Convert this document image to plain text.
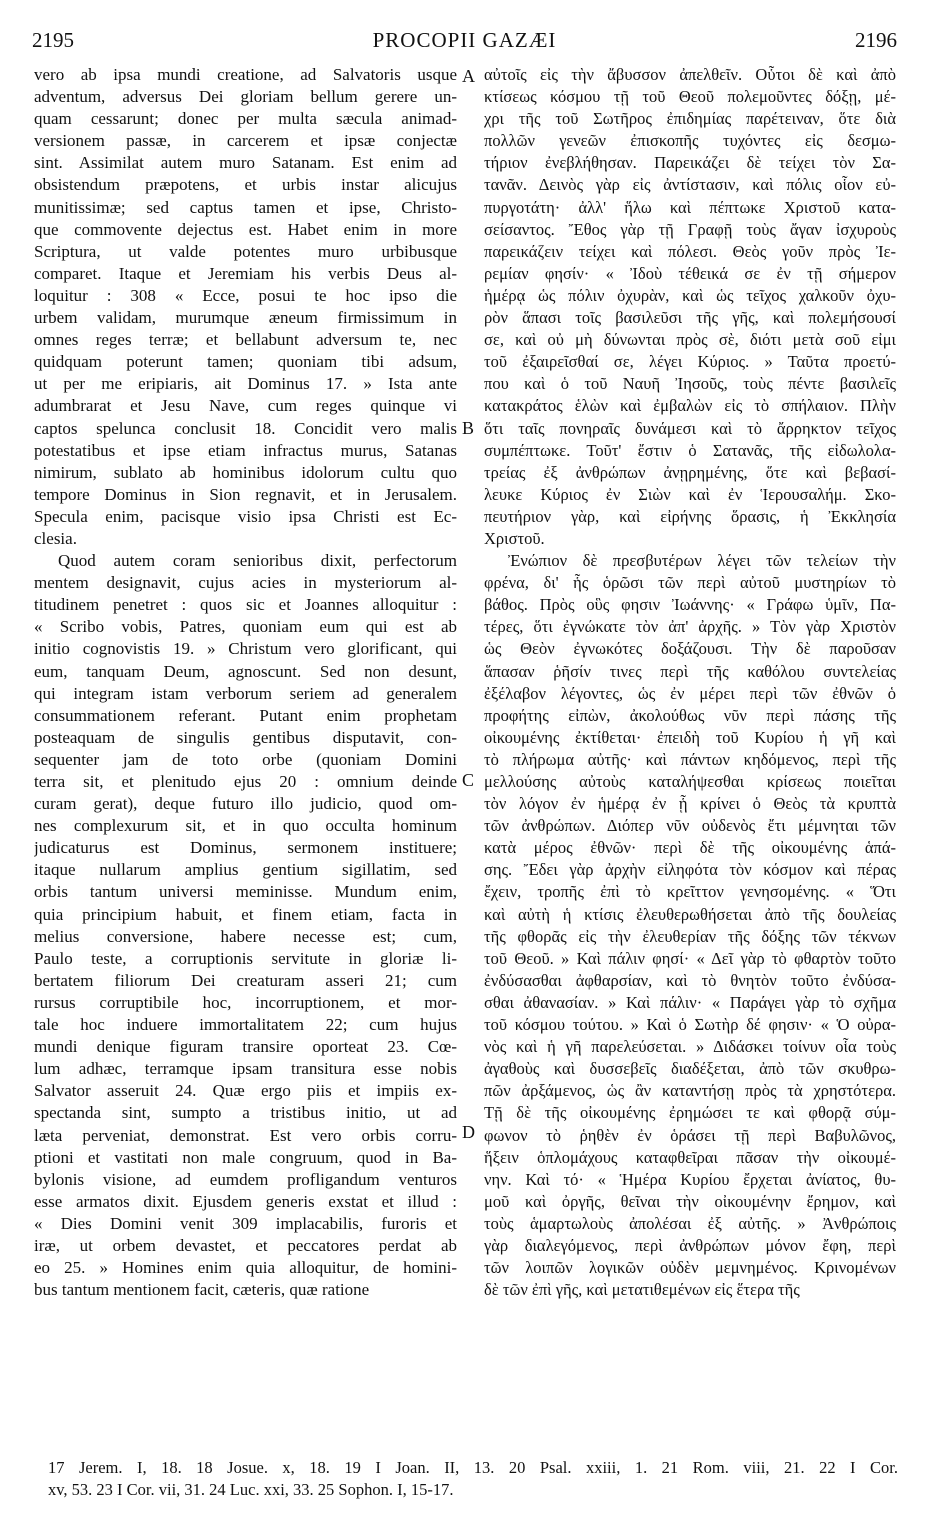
2195	PROCOPII GAZÆI	2196
vero ab ipsa mundi creatione, ad Salvatoris usque
adventum, adversus Dei gloriam bellum gerere un-
quam cessarunt; donec per multa sæcula animad-
versionem passæ, in carcerem et ipsæ conjectæ
sint. Assimilat autem muro Satanam. Est enim ad
obsistendum præpotens, et urbis instar alicujus
munitissimæ; sed captus tamen et ipse, Christo-
que commovente dejectus est. Habet enim in more
Scriptura, ut valde potentes muro urbibusque
comparet. Itaque et Jeremiam his verbis Deus al-
loquitur : 308 « Ecce, posui te hoc ipso die
urbem validam, murumque æneum firmissimum in
omnes reges terræ; et bellabunt adversum te, nec
quidquam poterunt tamen; quoniam tibi adsum,
ut per me eripiaris, ait Dominus 17. » Ista ante
adumbrarat et Jesu Nave, cum reges quinque vi
captos spelunca conclusit 18. Concidit vero malis
potestatibus et ipse etiam infractus murus, Satanas
nimirum, sublato ab hominibus idolorum cultu quo
tempore Dominus in Sion regnavit, et in Jerusalem.
Specula enim, pacisque visio ipsa Christi est Ec-
clesia.
Quod autem coram senioribus dixit, perfectorum
mentem designavit, cujus acies in mysteriorum al-
titudinem penetret : quos sic et Joannes alloquitur :
« Scribo vobis, Patres, quoniam eum qui est ab
initio cognovistis 19. » Christum vero glorificant, qui
eum, tanquam Deum, agnoscunt. Sed non desunt,
qui integram istam verborum seriem ad generalem
consummationem referant. Putant enim prophetam
posteaquam de singulis gentibus disputavit, con-
sequenter jam de toto orbe (quoniam Domini
terra sit, et plenitudo ejus 20 : omnium deinde
curam gerat), deque futuro illo judicio, quod om-
nes complexurum sit, et in quo occulta hominum
judicaturus est Dominus, sermonem instituere;
itaque nullarum amplius gentium sigillatim, sed
orbis tantum universi meminisse. Mundum enim,
quia principium habuit, et finem etiam, facta in
melius conversione, habere necesse est; cum,
Paulo teste, a corruptionis servitute in gloriæ li-
bertatem filiorum Dei creaturam asseri 21; cum
rursus corruptibile hoc, incorruptionem, et mor-
tale hoc induere immortalitatem 22; cum hujus
mundi denique figuram transire oporteat 23. Cœ-
lum adhæc, terramque ipsam transitura esse nobis
Salvator asseruit 24. Quæ ergo piis et impiis ex-
spectanda sint, sumpto a tristibus initio, ut ad
læta perveniat, demonstrat. Est vero orbis corru-
ptioni et vastitati non male congruum, quod in Ba-
bylonis visione, ad eumdem profligandum venturos
esse armatos dixit. Ejusdem generis exstat et illud :
« Dies Domini venit 309 implacabilis, furoris et
iræ, ut orbem devastet, et peccatores perdat ab
eo 25. » Homines enim quia alloquitur, de homini-
bus tantum mentionem facit, cæteris, quæ ratione
αὐτοῖς εἰς τὴν ἄβυσσον ἀπελθεῖν. Οὗτοι δὲ καὶ ἀπὸ
κτίσεως κόσμου τῇ τοῦ Θεοῦ πολεμοῦντες δόξῃ, μέ-
χρι τῆς τοῦ Σωτῆρος ἐπιδημίας παρέτειναν, ὅτε διὰ
πολλῶν γενεῶν ἐπισκοπῆς τυχόντες εἰς δεσμω-
τήριον ἐνεβλήθησαν. Παρεικάζει δὲ τείχει τὸν Σα-
τανᾶν. Δεινὸς γὰρ εἰς ἀντίστασιν, καὶ πόλις οἷον εὐ-
πυργοτάτη· ἀλλ' ἥλω καὶ πέπτωκε Χριστοῦ κατα-
σείσαντος. Ἔθος γὰρ τῇ Γραφῇ τοὺς ἄγαν ἰσχυροὺς
παρεικάζειν τείχει καὶ πόλεσι. Θεὸς γοῦν πρὸς Ἰε-
ρεμίαν φησίν· « Ἰδοὺ τέθεικά σε ἐν τῇ σήμερον
ἡμέρᾳ ὡς πόλιν ὀχυρὰν, καὶ ὡς τεῖχος χαλκοῦν ὀχυ-
ρὸν ἅπασι τοῖς βασιλεῦσι τῆς γῆς, καὶ πολεμήσουσί
σε, καὶ οὐ μὴ δύνωνται πρὸς σὲ, διότι μετὰ σοῦ εἰμι
τοῦ ἐξαιρεῖσθαί σε, λέγει Κύριος. » Ταῦτα προετύ-
που καὶ ὁ τοῦ Ναυῆ Ἰησοῦς, τοὺς πέντε βασιλεῖς
κατακράτος ἑλὼν καὶ ἐμβαλὼν εἰς τὸ σπήλαιον. Πλὴν
ὅτι ταῖς πονηραῖς δυνάμεσι καὶ τὸ ἄρρηκτον τεῖχος
συμπέπτωκε. Τοῦτ' ἔστιν ὁ Σατανᾶς, τῆς εἰδωλολα-
τρείας ἐξ ἀνθρώπων ἀνῃρημένης, ὅτε καὶ βεβασί-
λευκε Κύριος ἐν Σιὼν καὶ ἐν Ἱερουσαλήμ. Σκο-
πευτήριον γὰρ, καὶ εἰρήνης ὅρασις, ἡ Ἐκκλησία
Χριστοῦ.
Ἐνώπιον δὲ πρεσβυτέρων λέγει τῶν τελείων τὴν
φρένα, δι' ἧς ὁρῶσι τῶν περὶ αὐτοῦ μυστηρίων τὸ
βάθος. Πρὸς οὓς φησιν Ἰωάννης· « Γράφω ὑμῖν, Πα-
τέρες, ὅτι ἐγνώκατε τὸν ἀπ' ἀρχῆς. » Τὸν γὰρ Χριστὸν
ὡς Θεὸν ἐγνωκότες δοξάζουσι. Τὴν δὲ παροῦσαν
ἅπασαν ῥῆσίν τινες περὶ τῆς καθόλου συντελείας
ἐξέλαβον λέγοντες, ὡς ἐν μέρει περὶ τῶν ἐθνῶν ὁ
προφήτης εἰπὼν, ἀκολούθως νῦν περὶ πάσης τῆς
οἰκουμένης ἐκτίθεται· ἐπειδὴ τοῦ Κυρίου ἡ γῆ καὶ
τὸ πλήρωμα αὐτῆς· καὶ πάντων κηδόμενος, περὶ τῆς
μελλούσης αὐτοὺς καταλήψεσθαι κρίσεως ποιεῖται
τὸν λόγον ἐν ἡμέρᾳ ἐν ᾗ κρίνει ὁ Θεὸς τὰ κρυπτὰ
τῶν ἀνθρώπων. Διόπερ νῦν οὐδενὸς ἔτι μέμνηται τῶν
κατὰ μέρος ἐθνῶν· περὶ δὲ τῆς οἰκουμένης ἁπά-
σης. Ἔδει γὰρ ἀρχὴν εἰληφότα τὸν κόσμον καὶ πέρας
ἔχειν, τροπῆς ἐπὶ τὸ κρεῖττον γενησομένης. « Ὅτι
καὶ αὐτὴ ἡ κτίσις ἐλευθερωθήσεται ἀπὸ τῆς δουλείας
τῆς φθορᾶς εἰς τὴν ἐλευθερίαν τῆς δόξης τῶν τέκνων
τοῦ Θεοῦ. » Καὶ πάλιν φησί· « Δεῖ γὰρ τὸ φθαρτὸν τοῦτο
ἐνδύσασθαι ἀφθαρσίαν, καὶ τὸ θνητὸν τοῦτο ἐνδύσα-
σθαι ἀθανασίαν. » Καὶ πάλιν· « Παράγει γὰρ τὸ σχῆμα
τοῦ κόσμου τούτου. » Καὶ ὁ Σωτὴρ δέ φησιν· « Ὁ οὐρα-
νὸς καὶ ἡ γῆ παρελεύσεται. » Διδάσκει τοίνυν οἷα τοὺς
ἀγαθοὺς καὶ δυσσεβεῖς διαδέξεται, ἀπὸ τῶν σκυθρω-
πῶν ἀρξάμενος, ὡς ἂν καταντήσῃ πρὸς τὰ χρηστότερα.
Τῇ δὲ τῆς οἰκουμένης ἐρημώσει τε καὶ φθορᾷ σύμ-
φωνον τὸ ῥηθὲν ἐν ὁράσει τῇ περὶ Βαβυλῶνος,
ἥξειν ὁπλομάχους καταφθεῖραι πᾶσαν τὴν οἰκουμέ-
νην. Καὶ τό· « Ἡμέρα Κυρίου ἔρχεται ἀνίατος, θυ-
μοῦ καὶ ὀργῆς, θεῖναι τὴν οἰκουμένην ἔρημον, καὶ
τοὺς ἁμαρτωλοὺς ἀπολέσαι ἐξ αὐτῆς. » Ἀνθρώποις
γὰρ διαλεγόμενος, περὶ ἀνθρώπων μόνον ἔφη, περὶ
τῶν λοιπῶν λογικῶν οὐδὲν μεμνημένος. Κρινομένων
δὲ τῶν ἐπὶ γῆς, καὶ μετατιθεμένων εἰς ἕτερα τῆς
A
B
C
D
17 Jerem. I, 18. 18 Josue. x, 18. 19 I Joan. II, 13. 20 Psal. xxiii, 1. 21 Rom. viii, 21. 22 I Cor.
xv, 53. 23 I Cor. vii, 31. 24 Luc. xxi, 33. 25 Sophon. I, 15-17.
